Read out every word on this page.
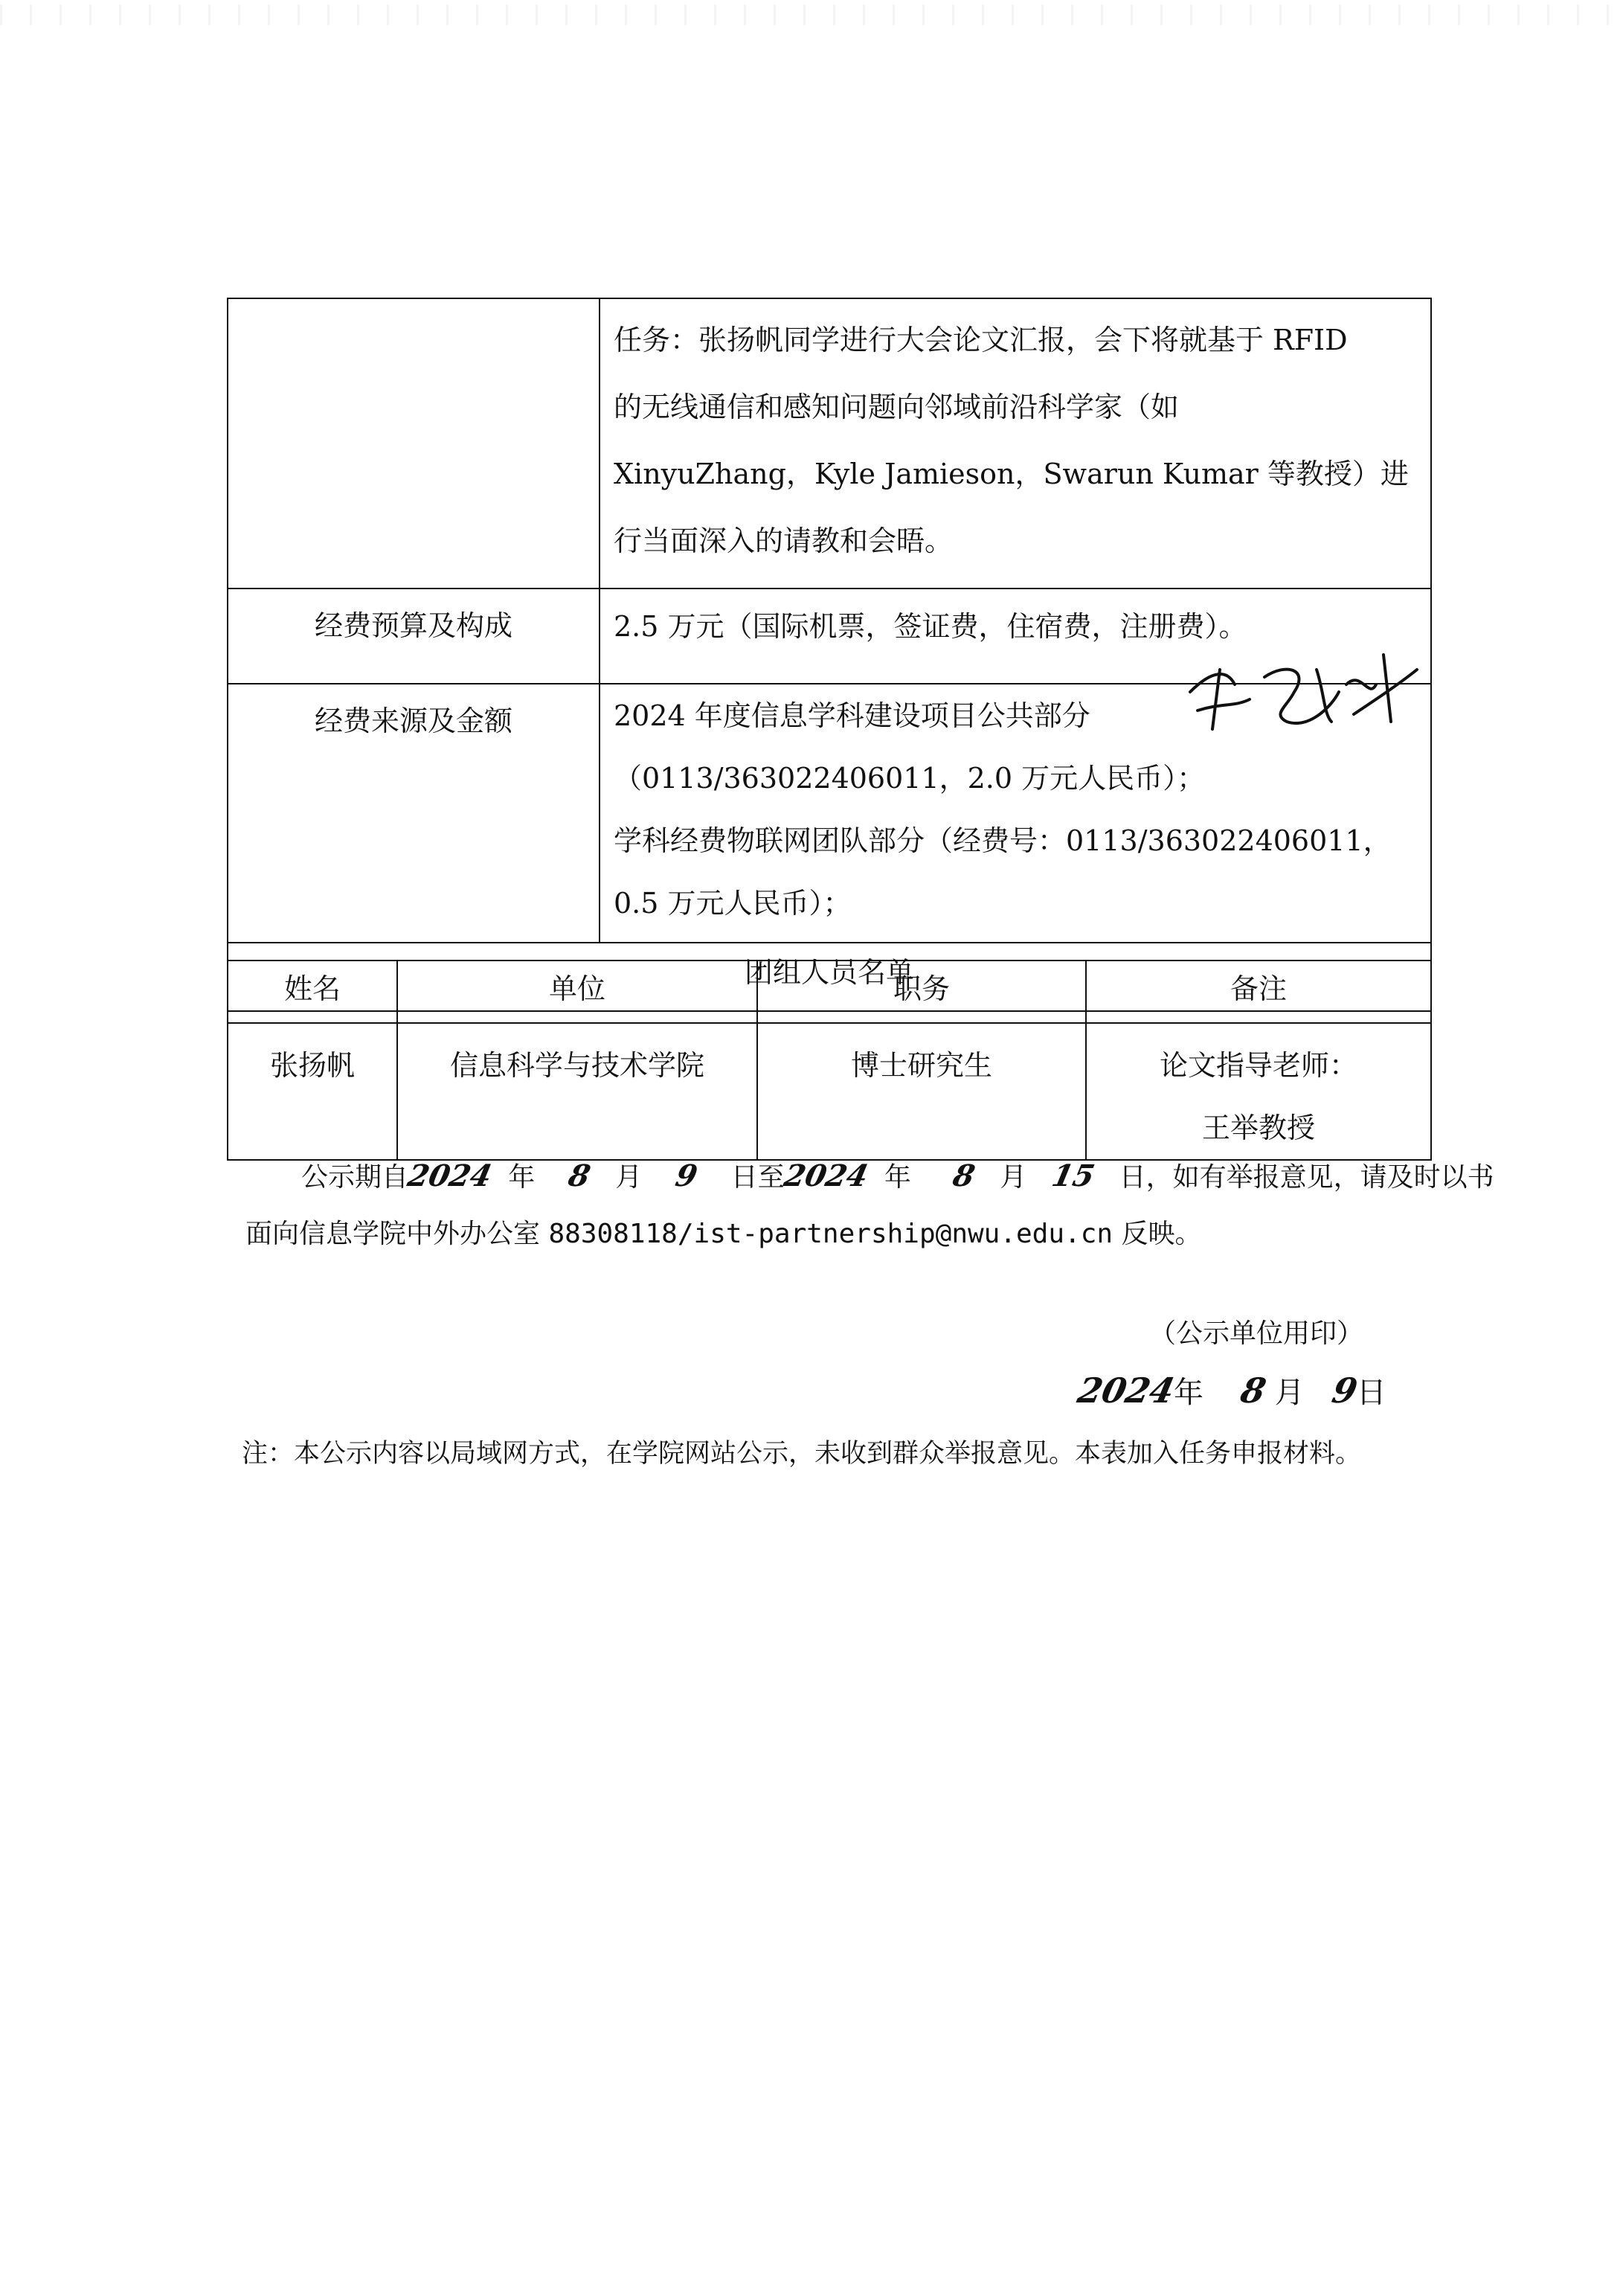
	任务：张扬帆同学进行大会论文汇报，会下将就基于 RFID
的无线通信和感知问题向邻域前沿科学家（如
XinyuZhang，Kyle Jamieson，Swarun Kumar 等教授）进
行当面深入的请教和会晤。

经费预算及构成	2.5 万元（国际机票，签证费，住宿费，注册费）。
经费来源及金额	2024 年度信息学科建设项目公共部分
（0113/363022406011，2.0 万元人民币）；
学科经费物联网团队部分（经费号：0113/363022406011，
0.5 万元人民币）；

团组人员名单	
姓名	单位	职务	备注
张扬帆	信息科学与技术学院	博士研究生	论文指导老师：
王举教授
公示期自2024 年 8 月 9 日至2024 年 8 月 15 日，如有举报意见，请及时以书
面向信息学院中外办公室 88308118/ist-partnership@nwu.edu.cn 反映。
（公示单位用印）
2024年 8 月 9日
注：本公示内容以局域网方式，在学院网站公示，未收到群众举报意见。本表加入任务申报材料。
